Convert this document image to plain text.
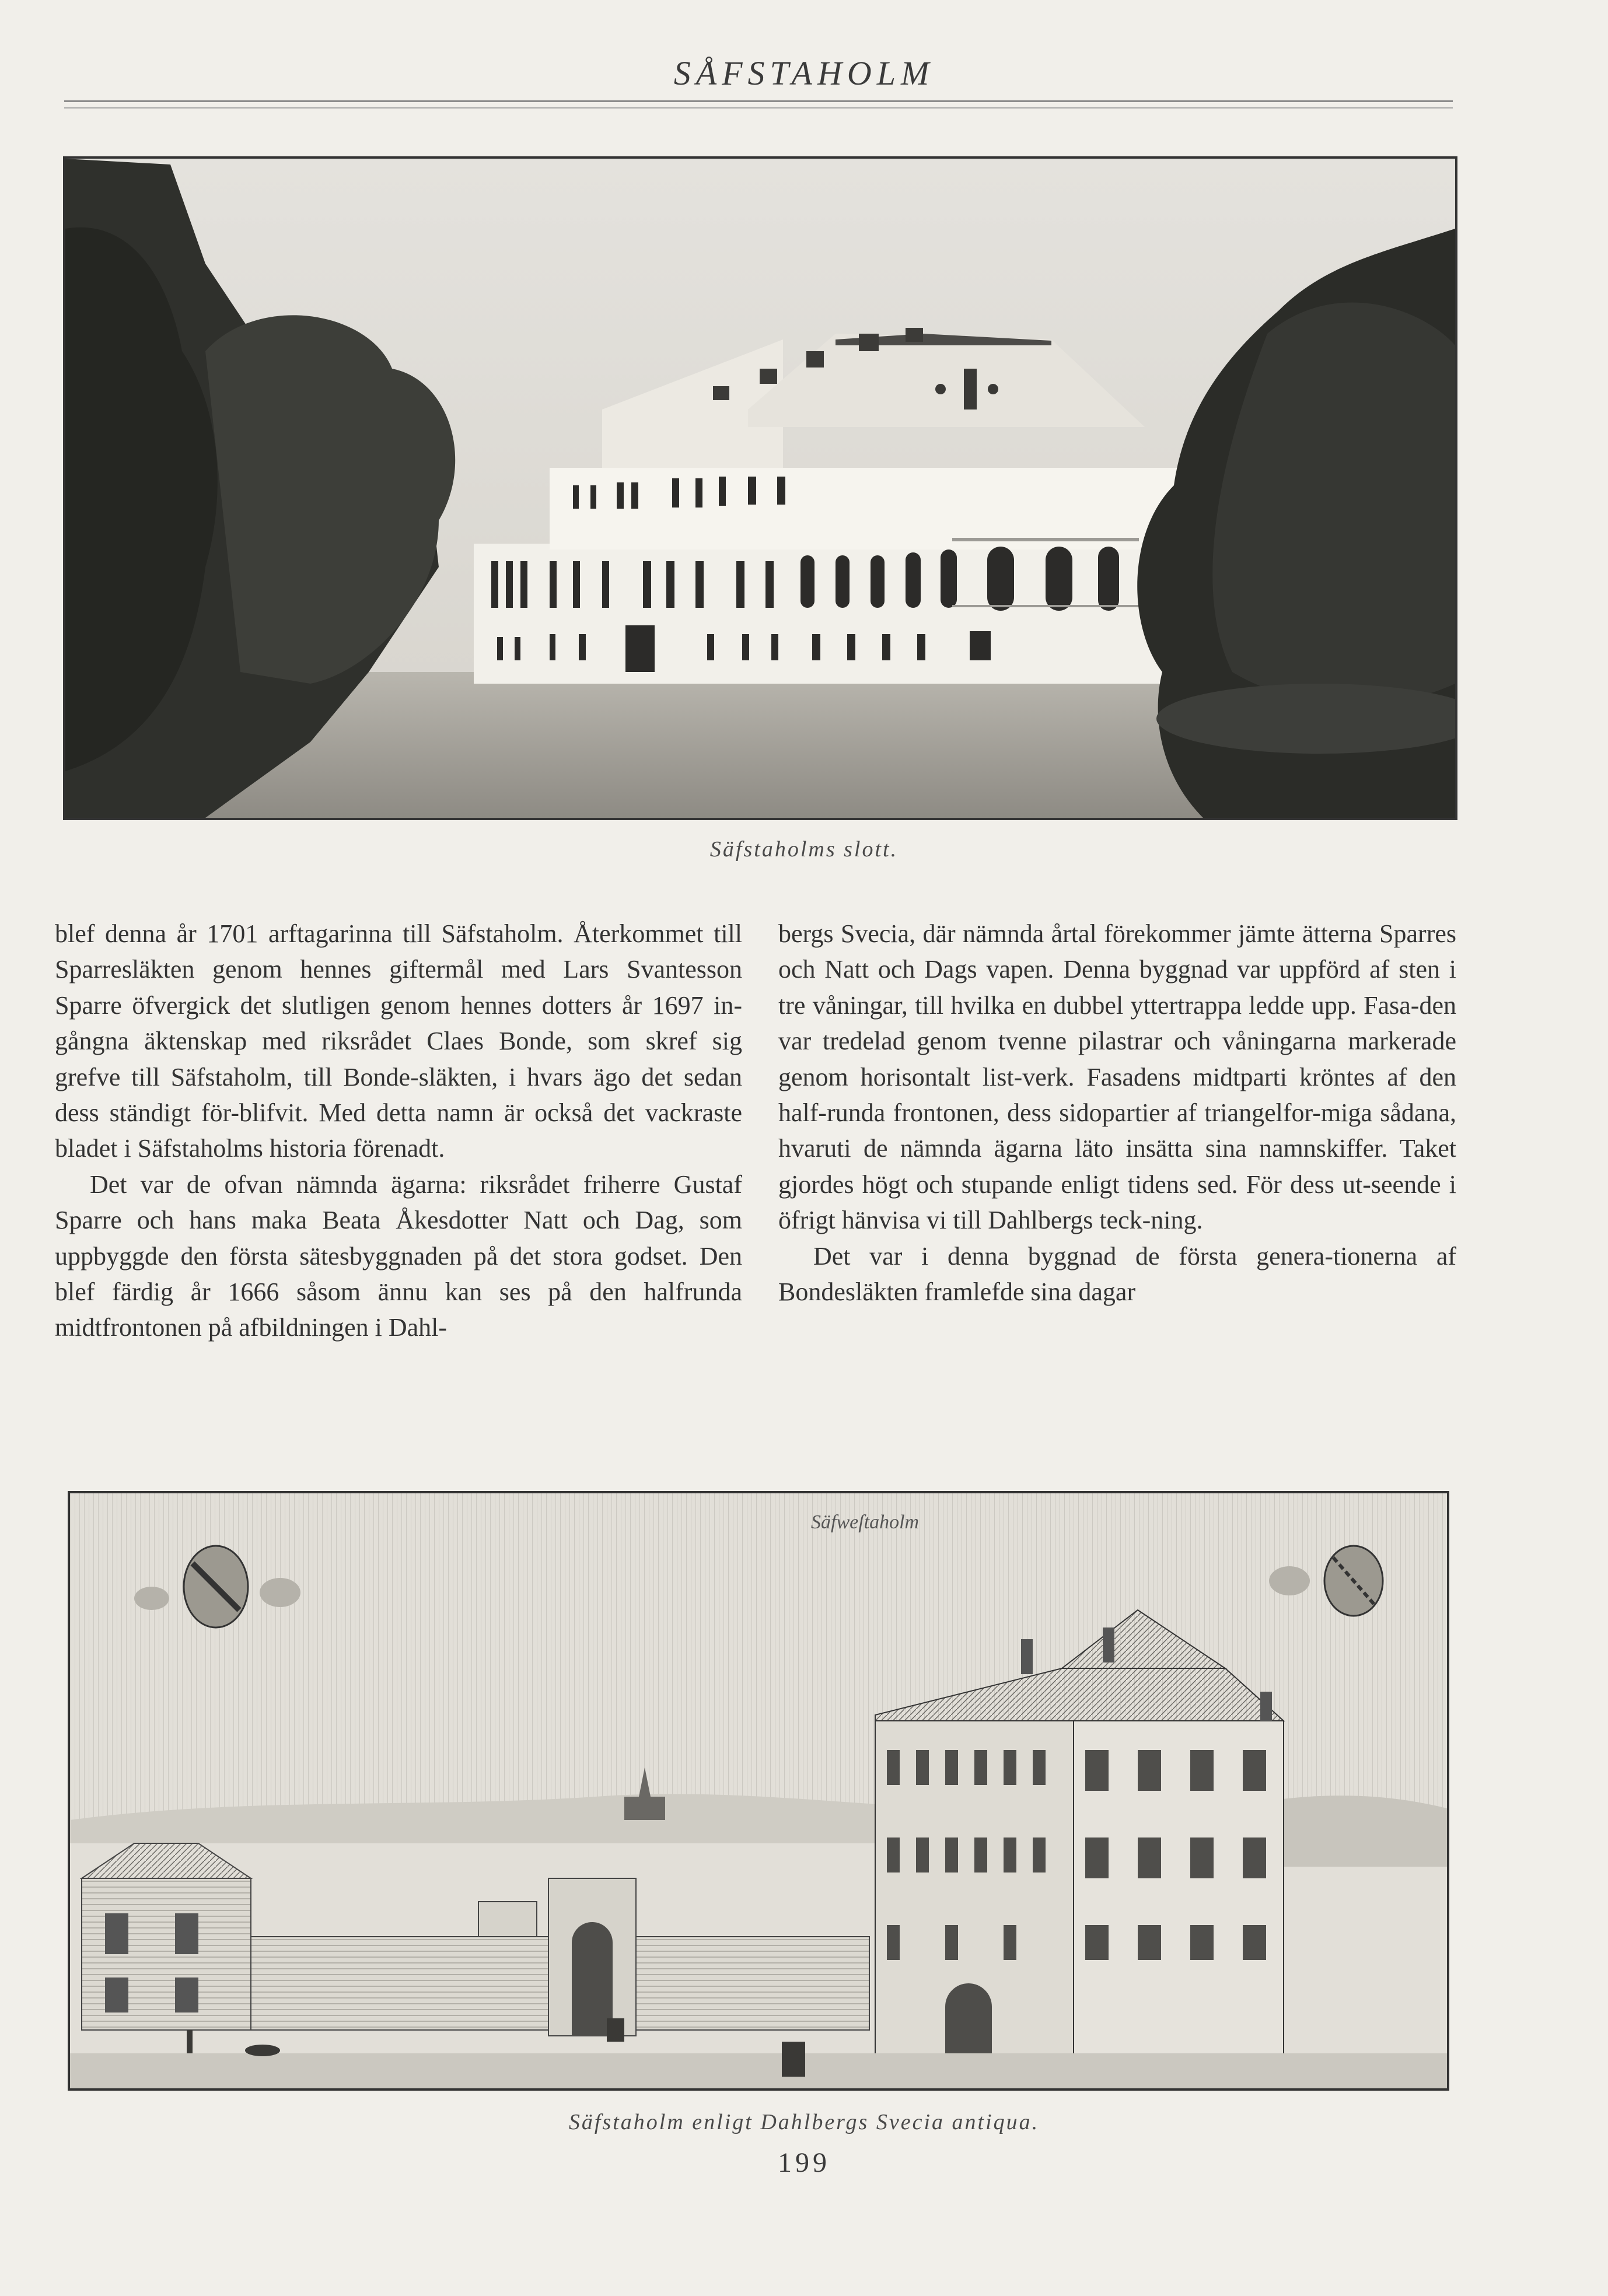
SÅFSTAHOLM
Säfstaholms slott.

blef denna år 1701 arftagarinna till Säfstaholm. Återkommet till Sparresläkten genom hennes giftermål med Lars Svantesson Sparre öfvergick det slutligen genom hennes dotters år 1697 in-gångna äktenskap med riksrådet Claes Bonde, som skref sig grefve till Säfstaholm, till Bonde-släkten, i hvars ägo det sedan dess ständigt för-blifvit. Med detta namn är också det vackraste bladet i Säfstaholms historia förenadt.

Det var de ofvan nämnda ägarna: riksrådet friherre Gustaf Sparre och hans maka Beata Åkesdotter Natt och Dag, som uppbyggde den första sätesbyggnaden på det stora godset. Den blef färdig år 1666 såsom ännu kan ses på den halfrunda midtfrontonen på afbildningen i Dahl-

bergs Svecia, där nämnda årtal förekommer jämte ätterna Sparres och Natt och Dags vapen. Denna byggnad var uppförd af sten i tre våningar, till hvilka en dubbel yttertrappa ledde upp. Fasa-den var tredelad genom tvenne pilastrar och våningarna markerade genom horisontalt list-verk. Fasadens midtparti kröntes af den half-runda frontonen, dess sidopartier af triangelfor-miga sådana, hvaruti de nämnda ägarna läto insätta sina namnskiffer. Taket gjordes högt och stupande enligt tidens sed. För dess ut-seende i öfrigt hänvisa vi till Dahlbergs teck-ning.

Det var i denna byggnad de första genera-tionerna af Bondesläkten framlefde sina dagar

Säfweſtaholm
Säfstaholm enligt Dahlbergs Svecia antiqua.
199
